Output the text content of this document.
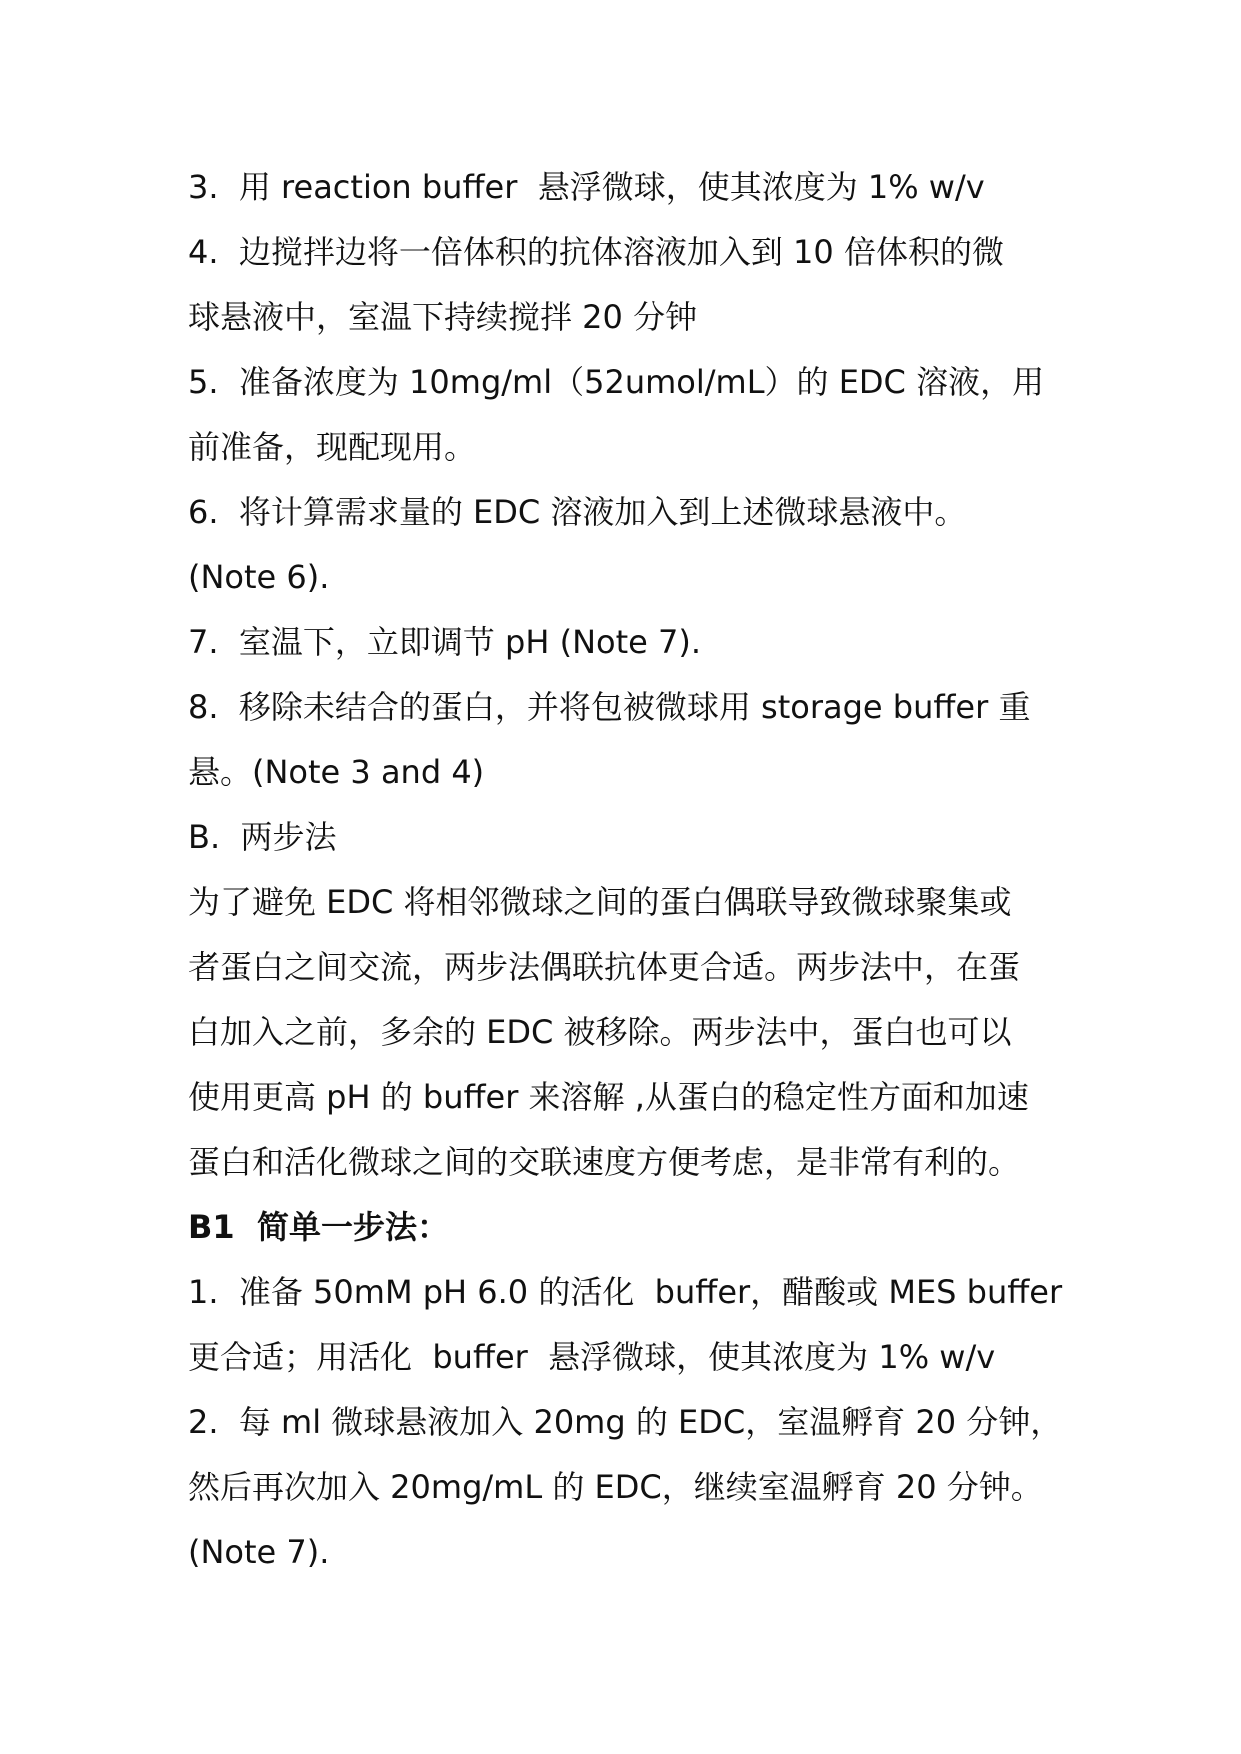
3.  用 reaction buffer  悬浮微球，使其浓度为 1% w/v
4.  边搅拌边将一倍体积的抗体溶液加入到 10 倍体积的微
球悬液中，室温下持续搅拌 20 分钟
5.  准备浓度为 10mg/ml（52umol/mL）的 EDC 溶液，用
前准备，现配现用。
6.  将计算需求量的 EDC 溶液加入到上述微球悬液中。
(Note 6).
7.  室温下，立即调节 pH (Note 7).
8.  移除未结合的蛋白，并将包被微球用 storage buffer 重
悬。(Note 3 and 4)
B.  两步法
为了避免 EDC 将相邻微球之间的蛋白偶联导致微球聚集或
者蛋白之间交流，两步法偶联抗体更合适。两步法中，在蛋
白加入之前，多余的 EDC 被移除。两步法中，蛋白也可以
使用更高 pH 的 buffer 来溶解 ,从蛋白的稳定性方面和加速
蛋白和活化微球之间的交联速度方便考虑，是非常有利的。
B1  简单一步法：
1.  准备 50mM pH 6.0 的活化  buffer，醋酸或 MES buffer
更合适；用活化  buffer  悬浮微球，使其浓度为 1% w/v
2.  每 ml 微球悬液加入 20mg 的 EDC，室温孵育 20 分钟，
然后再次加入 20mg/mL 的 EDC，继续室温孵育 20 分钟。
(Note 7).
